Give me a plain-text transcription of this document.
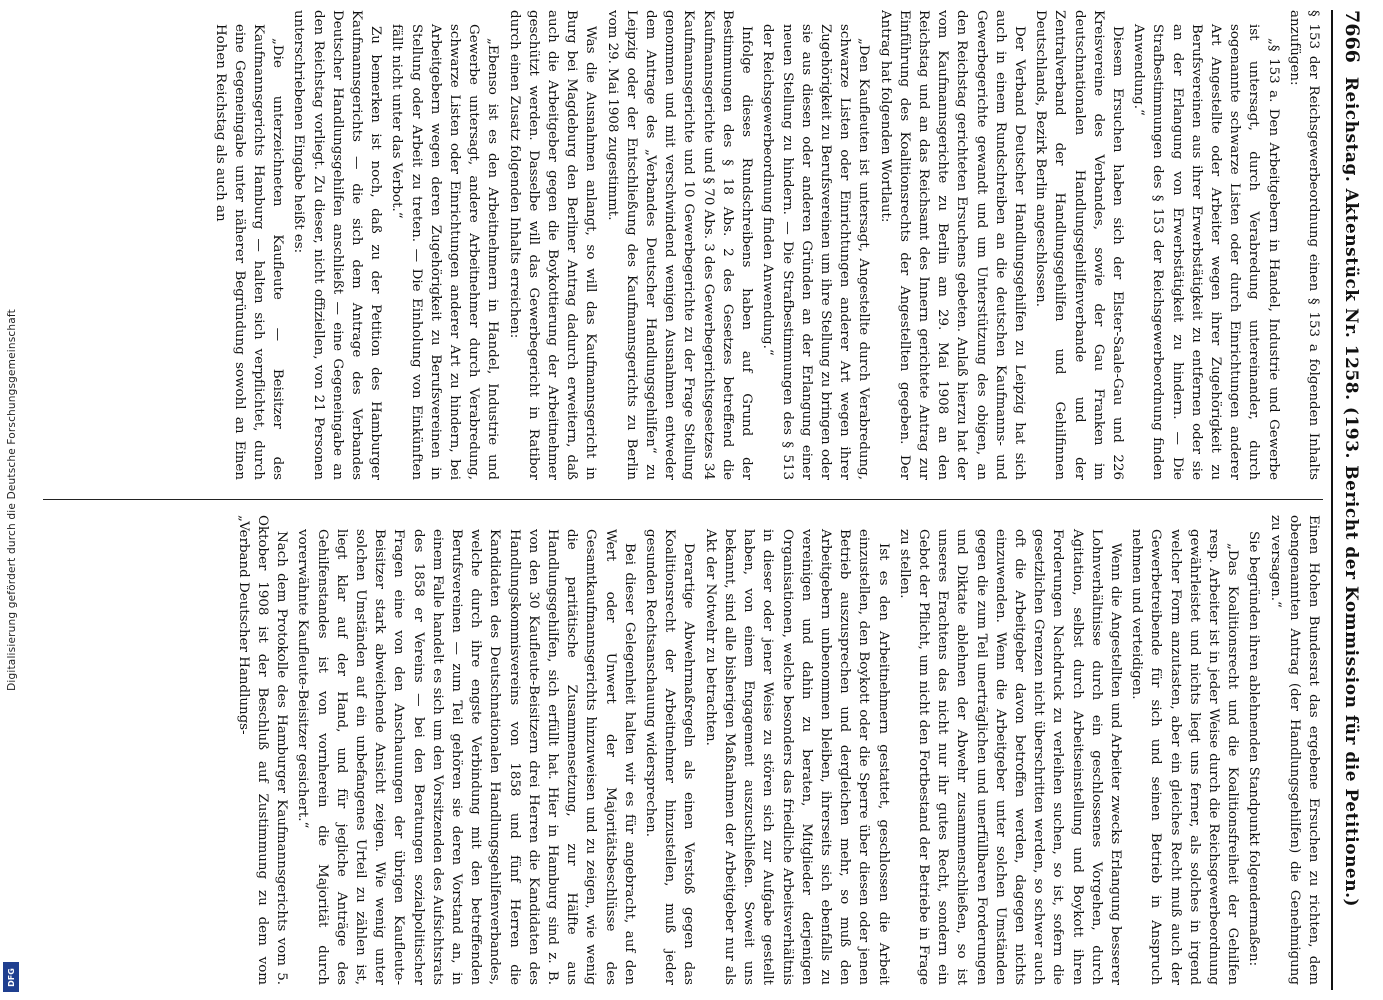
Digitalisierung gefördert durch die Deutsche Forschungsgemeinschaft
DFG
7666
Reichstag. Aktenstück Nr. 1258. (193. Bericht der Kommission für die Petitionen.)

§ 153 der Reichsgewerbeordnung einen § 153 a folgenden Inhalts anzufügen:

„§ 153 a. Den Arbeitgebern in Handel, Industrie und Gewerbe ist untersagt, durch Verabredung untereinander, durch sogenannte schwarze Listen oder durch Einrichtungen anderer Art Angestellte oder Arbeiter wegen ihrer Zugehörigkeit zu Berufsvereinen aus ihrer Erwerbstätigkeit zu entfernen oder sie an der Erlangung von Erwerbstätigkeit zu hindern. — Die Strafbestimmungen des § 153 der Reichsgewerbeordnung finden Anwendung.“

Diesem Ersuchen haben sich der Elster-Saale-Gau und 226 Kreisvereine des Verbandes, sowie der Gau Franken im deutschnationalen Handlungsgehilfenverbande und der Zentralverband der Handlungsgehilfen und Gehilfinnen Deutschlands, Bezirk Berlin angeschlossen.

Der Verband Deutscher Handlungsgehilfen zu Leipzig hat sich auch in einem Rundschreiben an die deutschen Kaufmanns- und Gewerbegerichte gewandt und um Unterstützung des obigen, an den Reichstag gerichteten Ersuchens gebeten. Anlaß hierzu hat der vom Kaufmannsgerichte zu Berlin am 29. Mai 1908 an den Reichstag und an das Reichsamt des Innern gerichtete Antrag zur Einführung des Koalitionsrechts der Angestellten gegeben. Der Antrag hat folgenden Wortlaut:

„Den Kaufleuten ist untersagt, Angestellte durch Verabredung, schwarze Listen oder Einrichtungen anderer Art wegen ihrer Zugehörigkeit zu Berufsvereinen um ihre Stellung zu bringen oder sie aus diesen oder anderen Gründen an der Erlangung einer neuen Stellung zu hindern. — Die Strafbestimmungen des § 513 der Reichsgewerbeordnung finden Anwendung.“

Infolge dieses Rundschreibens haben auf Grund der Bestimmungen des § 18 Abs. 2 des Gesetzes betreffend die Kaufmannsgerichte und § 70 Abs. 3 des Gewerbegerichtsgesetzes 34 Kaufmannsgerichte und 10 Gewerbegerichte zu der Frage Stellung genommen und mit verschwindend wenigen Ausnahmen entweder dem Antrage des „Verbandes Deutscher Handlungsgehilfen“ zu Leipzig oder der Entschließung des Kaufmannsgerichts zu Berlin vom 29. Mai 1908 zugestimmt.

Was die Ausnahmen anlangt, so will das Kaufmannsgericht in Burg bei Magdeburg den Berliner Antrag dadurch erweitern, daß auch die Arbeitgeber gegen die Boykottierung der Arbeitnehmer geschützt werden. Dasselbe will das Gewerbegericht in Ratibor durch einen Zusatz folgenden Inhalts erreichen:

„Ebenso ist es den Arbeitnehmern in Handel, Industrie und Gewerbe untersagt, andere Arbeitnehmer durch Verabredung, schwarze Listen oder Einrichtungen anderer Art zu hindern, bei Arbeitgebern wegen deren Zugehörigkeit zu Berufsvereinen in Stellung oder Arbeit zu treten. — Die Einholung von Einkünften fällt nicht unter das Verbot.“

Zu bemerken ist noch, daß zu der Petition des Hamburger Kaufmannsgerichts — die sich dem Antrage des Verbandes Deutscher Handlungsgehilfen anschließt — eine Gegeneingabe an den Reichstag vorliegt. Zu dieser, nicht offiziellen, von 21 Personen unterschriebenen Eingabe heißt es:

„Die unterzeichneten Kaufleute — Beisitzer des Kaufmannsgerichts Hamburg — halten sich verpflichtet, durch eine Gegeneingabe unter näherer Begründung sowohl an Einen Hohen Reichstag als auch an

Einen Hohen Bundesrat das ergebene Ersuchen zu richten, dem obengenannten Antrag (der Handlungsgehilfen) die Genehmigung zu versagen.“

Sie begründen ihren ablehnenden Standpunkt folgendermaßen:

„Das Koalitionsrecht und die Koalitionsfreiheit der Gehilfen resp. Arbeiter ist in jeder Weise durch die Reichsgewerbeordnung gewährleistet und nichts liegt uns ferner, als solches in irgend welcher Form anzutasten, aber ein gleiches Recht muß auch der Gewerbetreibende für sich und seinen Betrieb in Anspruch nehmen und verteidigen.

Wenn die Angestellten und Arbeiter zwecks Erlangung besserer Lohnverhältnisse durch ein geschlossenes Vorgehen, durch Agitation, selbst durch Arbeitseinstellung und Boykott ihren Forderungen Nachdruck zu verleihen suchen, so ist, sofern die gesetzlichen Grenzen nicht überschritten werden, so schwer auch oft die Arbeitgeber davon betroffen werden, dagegen nichts einzuwenden. Wenn die Arbeitgeber unter solchen Umständen gegen die zum Teil unerträglichen und unerfüllbaren Forderungen und Diktate ablehnen der Abwehr zusammenschließen, so ist unseres Erachtens das nicht nur ihr gutes Recht, sondern ein Gebot der Pflicht, um nicht den Fortbestand der Betriebe in Frage zu stellen.

Ist es den Arbeitnehmern gestattet, geschlossen die Arbeit einzustellen, den Boykott oder die Sperre über diesen oder jenen Betrieb auszusprechen und dergleichen mehr, so muß den Arbeitgebern unbenommen bleiben, ihrerseits sich ebenfalls zu vereinigen und dahin zu beraten, Mitglieder derjenigen Organisationen, welche besonders das friedliche Arbeitsverhältnis in dieser oder jener Weise zu stören sich zur Aufgabe gestellt haben, von einem Engagement auszuschließen. Soweit uns bekannt, sind alle bisherigen Maßnahmen der Arbeitgeber nur als Akt der Notwehr zu betrachten.

Derartige Abwehrmaßregeln als einen Verstoß gegen das Koalitionsrecht der Arbeitnehmer hinzustellen, muß jeder gesunden Rechtsanschauung widersprechen.

Bei dieser Gelegenheit halten wir es für angebracht, auf den Wert oder Unwert der Majoritätsbeschlüsse des Gesamtkaufmannsgerichts hinzuweisen und zu zeigen, wie wenig die paritätische Zusammensetzung, zur Hälfte aus Handlungsgehilfen, sich erfüllt hat. Hier in Hamburg sind z. B. von den 30 Kaufleute-Beisitzern drei Herren die Kandidaten des Handlungskommisvereins von 1858 und fünf Herren die Kandidaten des Deutschnationalen Handlungsgehilfenverbandes, welche durch ihre engste Verbindung mit den betreffenden Berufsvereinen — zum Teil gehören sie deren Vorstand an, in einem Falle handelt es sich um den Vorsitzenden des Aufsichtsrats des 1858 er Vereins — bei den Beratungen sozialpolitischer Fragen eine von den Anschauungen der übrigen Kaufleute-Beisitzer stark abweichende Ansicht zeigen. Wie wenig unter solchen Umständen auf ein unbefangenes Urteil zu zählen ist, liegt klar auf der Hand, und für jegliche Anträge des Gehilfenstandes ist von vornherein die Majorität durch vorerwähnte Kaufleute-Beisitzer gesichert.“

Nach dem Protokolle des Hamburger Kaufmannsgerichts vom 5. Oktober 1908 ist der Beschluß auf Zustimmung zu dem vom „Verband Deutscher Handlungs-
